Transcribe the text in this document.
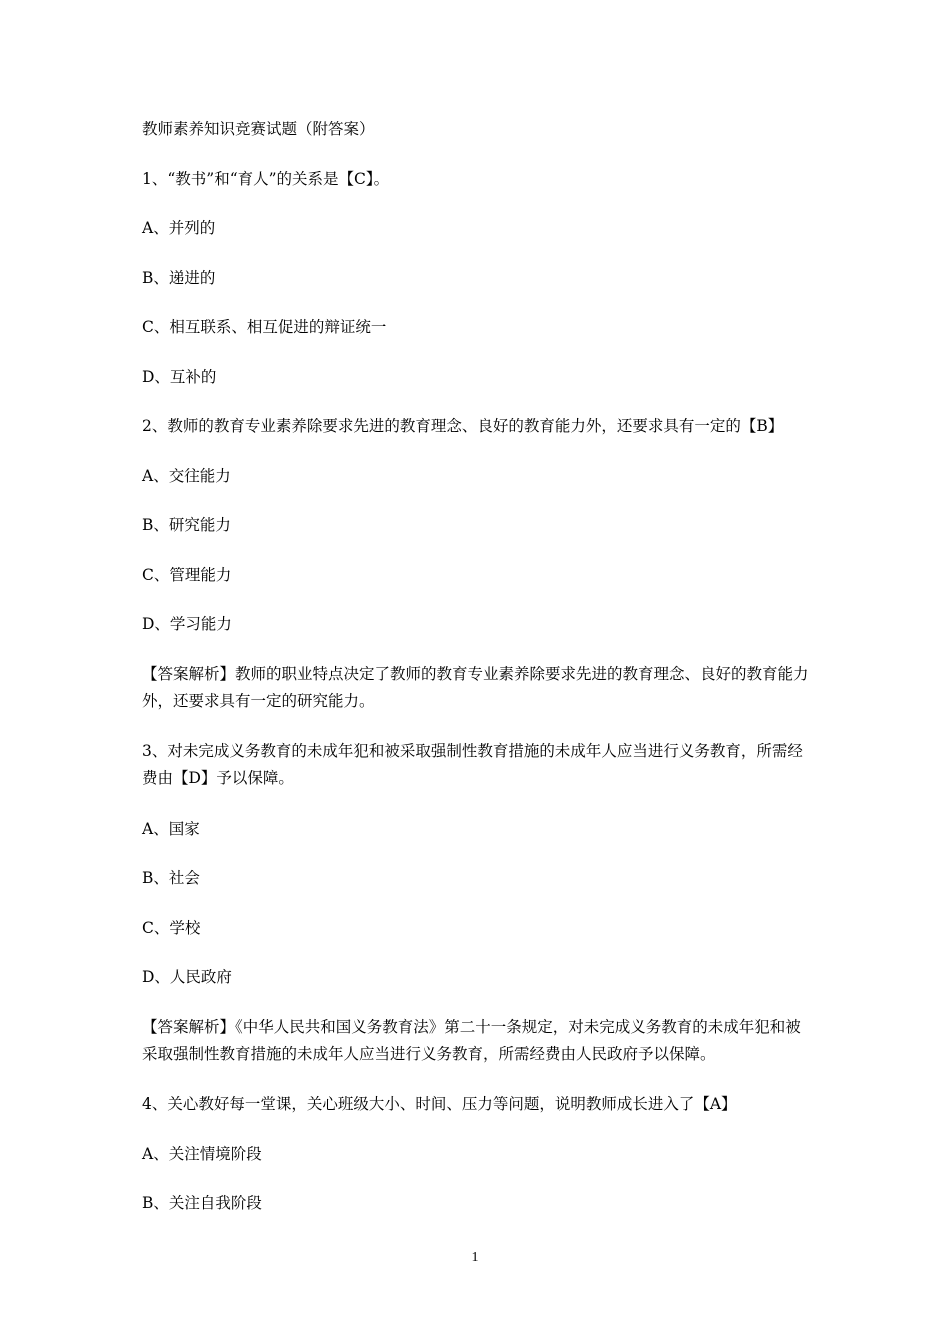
教师素养知识竞赛试题（附答案）

1、“教书”和“育人”的关系是【C】。

A、并列的

B、递进的

C、相互联系、相互促进的辩证统一

D、互补的

2、教师的教育专业素养除要求先进的教育理念、良好的教育能力外，还要求具有一定的【B】

A、交往能力

B、研究能力

C、管理能力

D、学习能力

【答案解析】教师的职业特点决定了教师的教育专业素养除要求先进的教育理念、良好的教育能力外，还要求具有一定的研究能力。

3、对未完成义务教育的未成年犯和被采取强制性教育措施的未成年人应当进行义务教育，所需经费由【D】予以保障。

A、国家

B、社会

C、学校

D、人民政府

【答案解析】《中华人民共和国义务教育法》第二十一条规定，对未完成义务教育的未成年犯和被采取强制性教育措施的未成年人应当进行义务教育，所需经费由人民政府予以保障。

4、关心教好每一堂课，关心班级大小、时间、压力等问题，说明教师成长进入了【A】

A、关注情境阶段

B、关注自我阶段

1
